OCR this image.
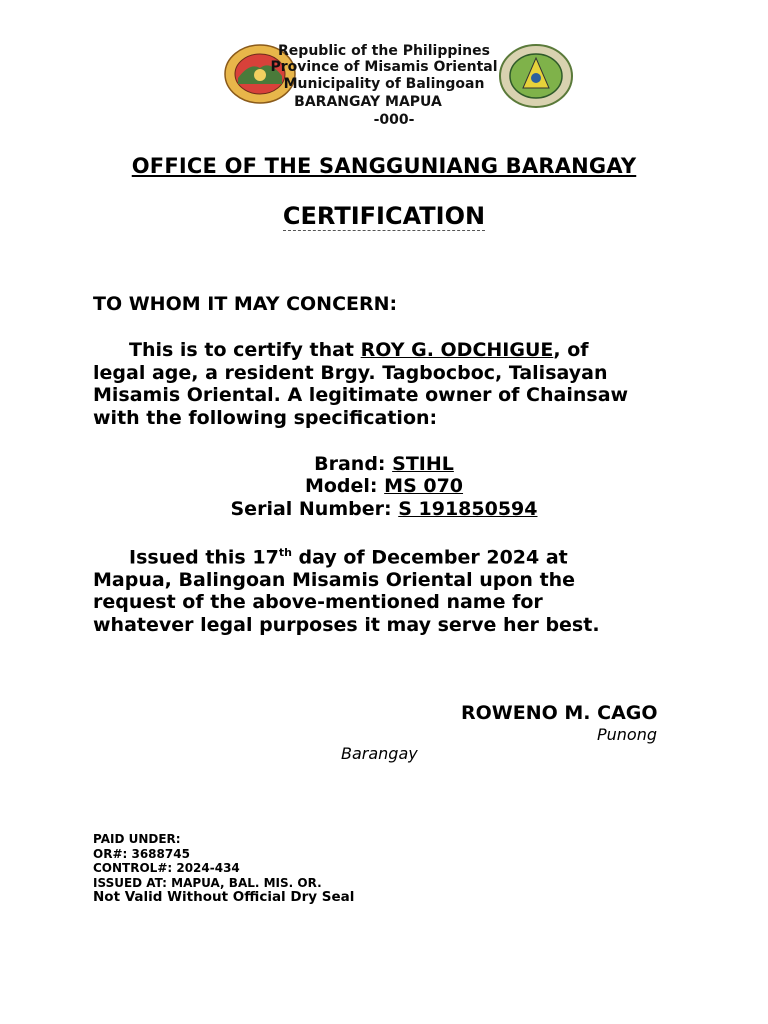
Republic of the Philippines
Province of Misamis Oriental
Municipality of Balingoan
BARANGAY MAPUA
-000-
OFFICE OF THE SANGGUNIANG BARANGAY
CERTIFICATION
TO WHOM IT MAY CONCERN:
This is to certify that ROY G. ODCHIGUE, of
legal age, a resident Brgy. Tagbocboc, Talisayan
Misamis Oriental. A legitimate owner of Chainsaw
with the following specification:
Brand: STIHL
Model: MS 070
Serial Number: S 191850594
Issued this 17th day of December 2024 at
Mapua, Balingoan Misamis Oriental upon the
request of the above-mentioned name for
whatever legal purposes it may serve her best.
ROWENO M. CAGO
Punong
Barangay
PAID UNDER:
OR#: 3688745
CONTROL#: 2024-434
ISSUED AT: MAPUA, BAL. MIS. OR.
Not Valid Without Official Dry Seal
